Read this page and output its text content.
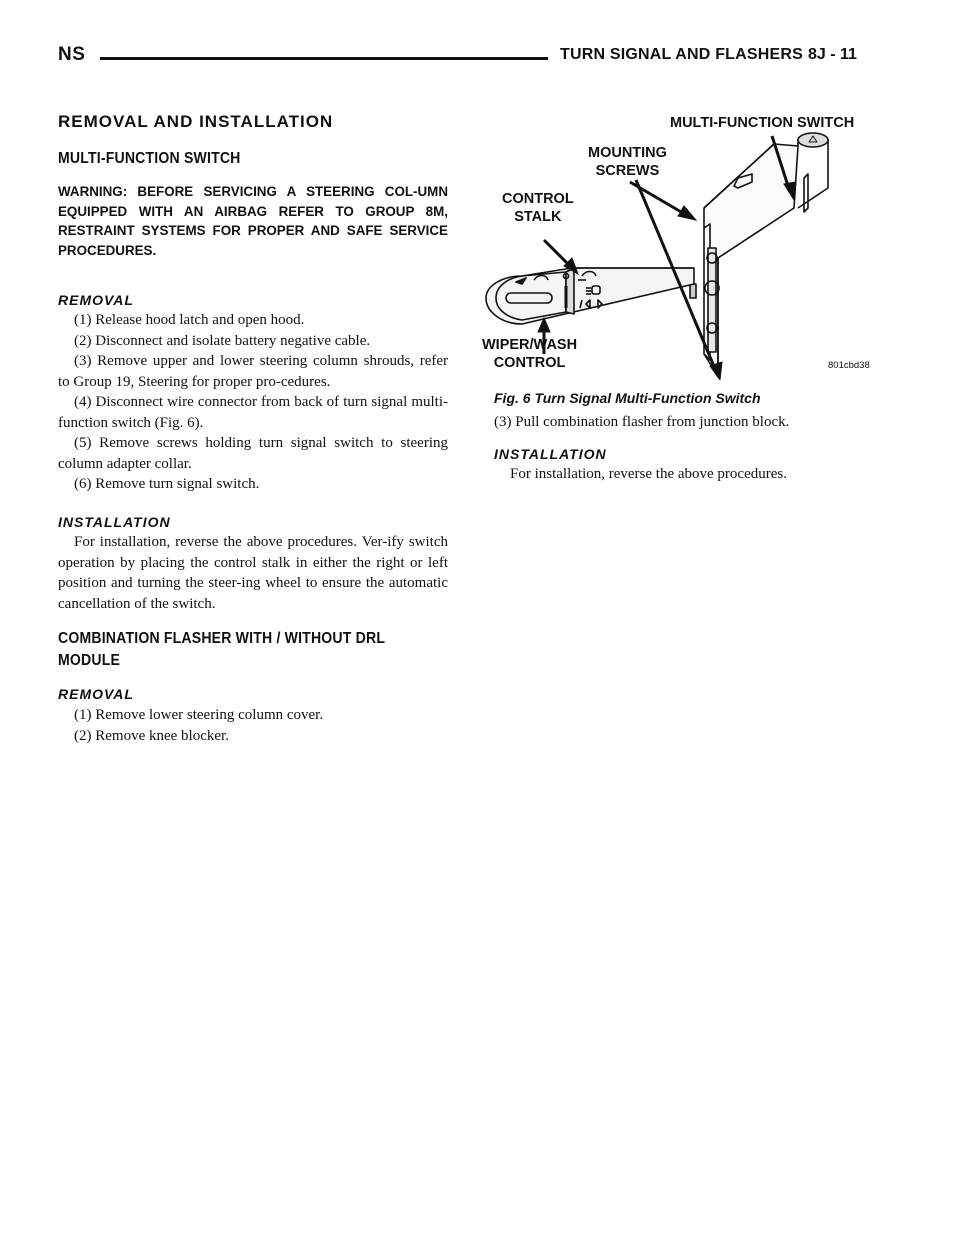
NS	TURN SIGNAL AND FLASHERS 8J - 11
REMOVAL AND INSTALLATION
MULTI-FUNCTION SWITCH
WARNING: BEFORE SERVICING A STEERING COL-UMN EQUIPPED WITH AN AIRBAG REFER TO GROUP 8M, RESTRAINT SYSTEMS FOR PROPER AND SAFE SERVICE PROCEDURES.
REMOVAL

(1) Release hood latch and open hood.

(2) Disconnect and isolate battery negative cable.

(3) Remove upper and lower steering column shrouds, refer to Group 19, Steering for proper pro-cedures.

(4) Disconnect wire connector from back of turn signal multi-function switch (Fig. 6).

(5) Remove screws holding turn signal switch to steering column adapter collar.

(6) Remove turn signal switch.

INSTALLATION

For installation, reverse the above procedures. Ver-ify switch operation by placing the control stalk in either the right or left position and turning the steer-ing wheel to ensure the automatic cancellation of the switch.

COMBINATION FLASHER WITH / WITHOUT DRL
MODULE
REMOVAL

(1) Remove lower steering column cover.

(2) Remove knee blocker.

MULTI-FUNCTION SWITCH
MOUNTING
SCREWS
CONTROL
STALK
WIPER/WASH
CONTROL	801cbd38
Fig. 6 Turn Signal Multi-Function Switch

(3) Pull combination flasher from junction block.

INSTALLATION

For installation, reverse the above procedures.
